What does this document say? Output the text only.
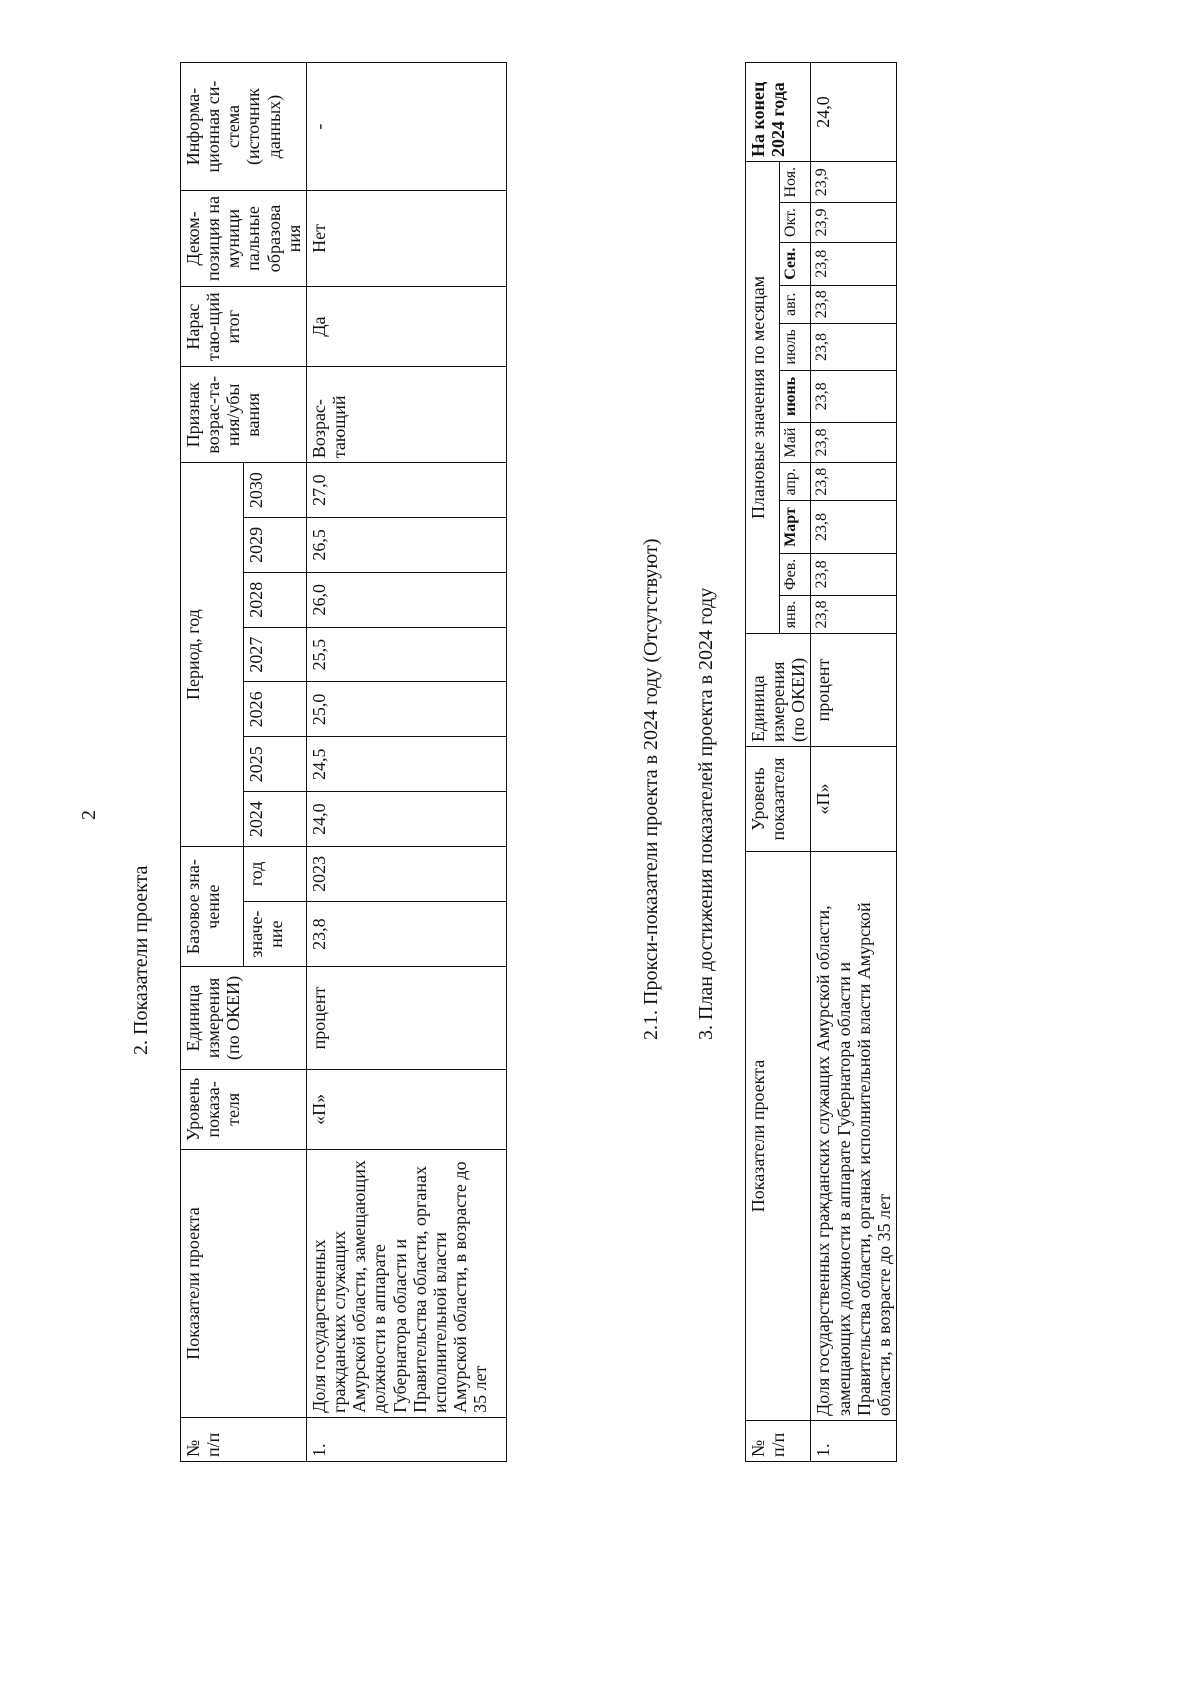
2
2. Показатели проекта
№ п/п	Показатели проекта	Уровень показа-теля	Единица измерения (по ОКЕИ)	Базовое зна-чение		Период, год							Признак возрас-та-ния/убы вания	Нарас таю-щий итог	Деком-позиция на муници пальные образова ния	Информа-ционная си-стема (источник данных)
				значе-ние	год	2024	2025	2026	2027	2028	2029	2030				
1.	Доля государственных гражданских служащих Амурской области, замещающих должности в аппарате Губернатора области и Правительства области, органах исполнительной власти Амурской области, в возрасте до 35 лет	«П»	процент	23,8	2023	24,0	24,5	25,0	25,5	26,0	26,5	27,0	Возрас-тающий	Да	Нет	-
2.1. Прокси-показатели проекта в 2024 году (Отсутствуют) 3. План достижения показателей проекта в 2024 году
№ п/п	Показатели проекта	Уровень показателя	Единица измерения (по ОКЕИ)	Плановые значения по месяцам											На конец 2024 года
				янв.	Фев.	Март	апр.	Май	июнь	июль	авг.	Сен.	Окт.	Ноя.	
1.	Доля государственных гражданских служащих Амурской области, замещающих должности в аппарате Губернатора области и Правительства области, органах исполнительной власти Амурской области, в возрасте до 35 лет	«П»	процент	23,8	23,8	23,8	23,8	23,8	23,8	23,8	23,8	23,8	23,9	23,9	24,0
